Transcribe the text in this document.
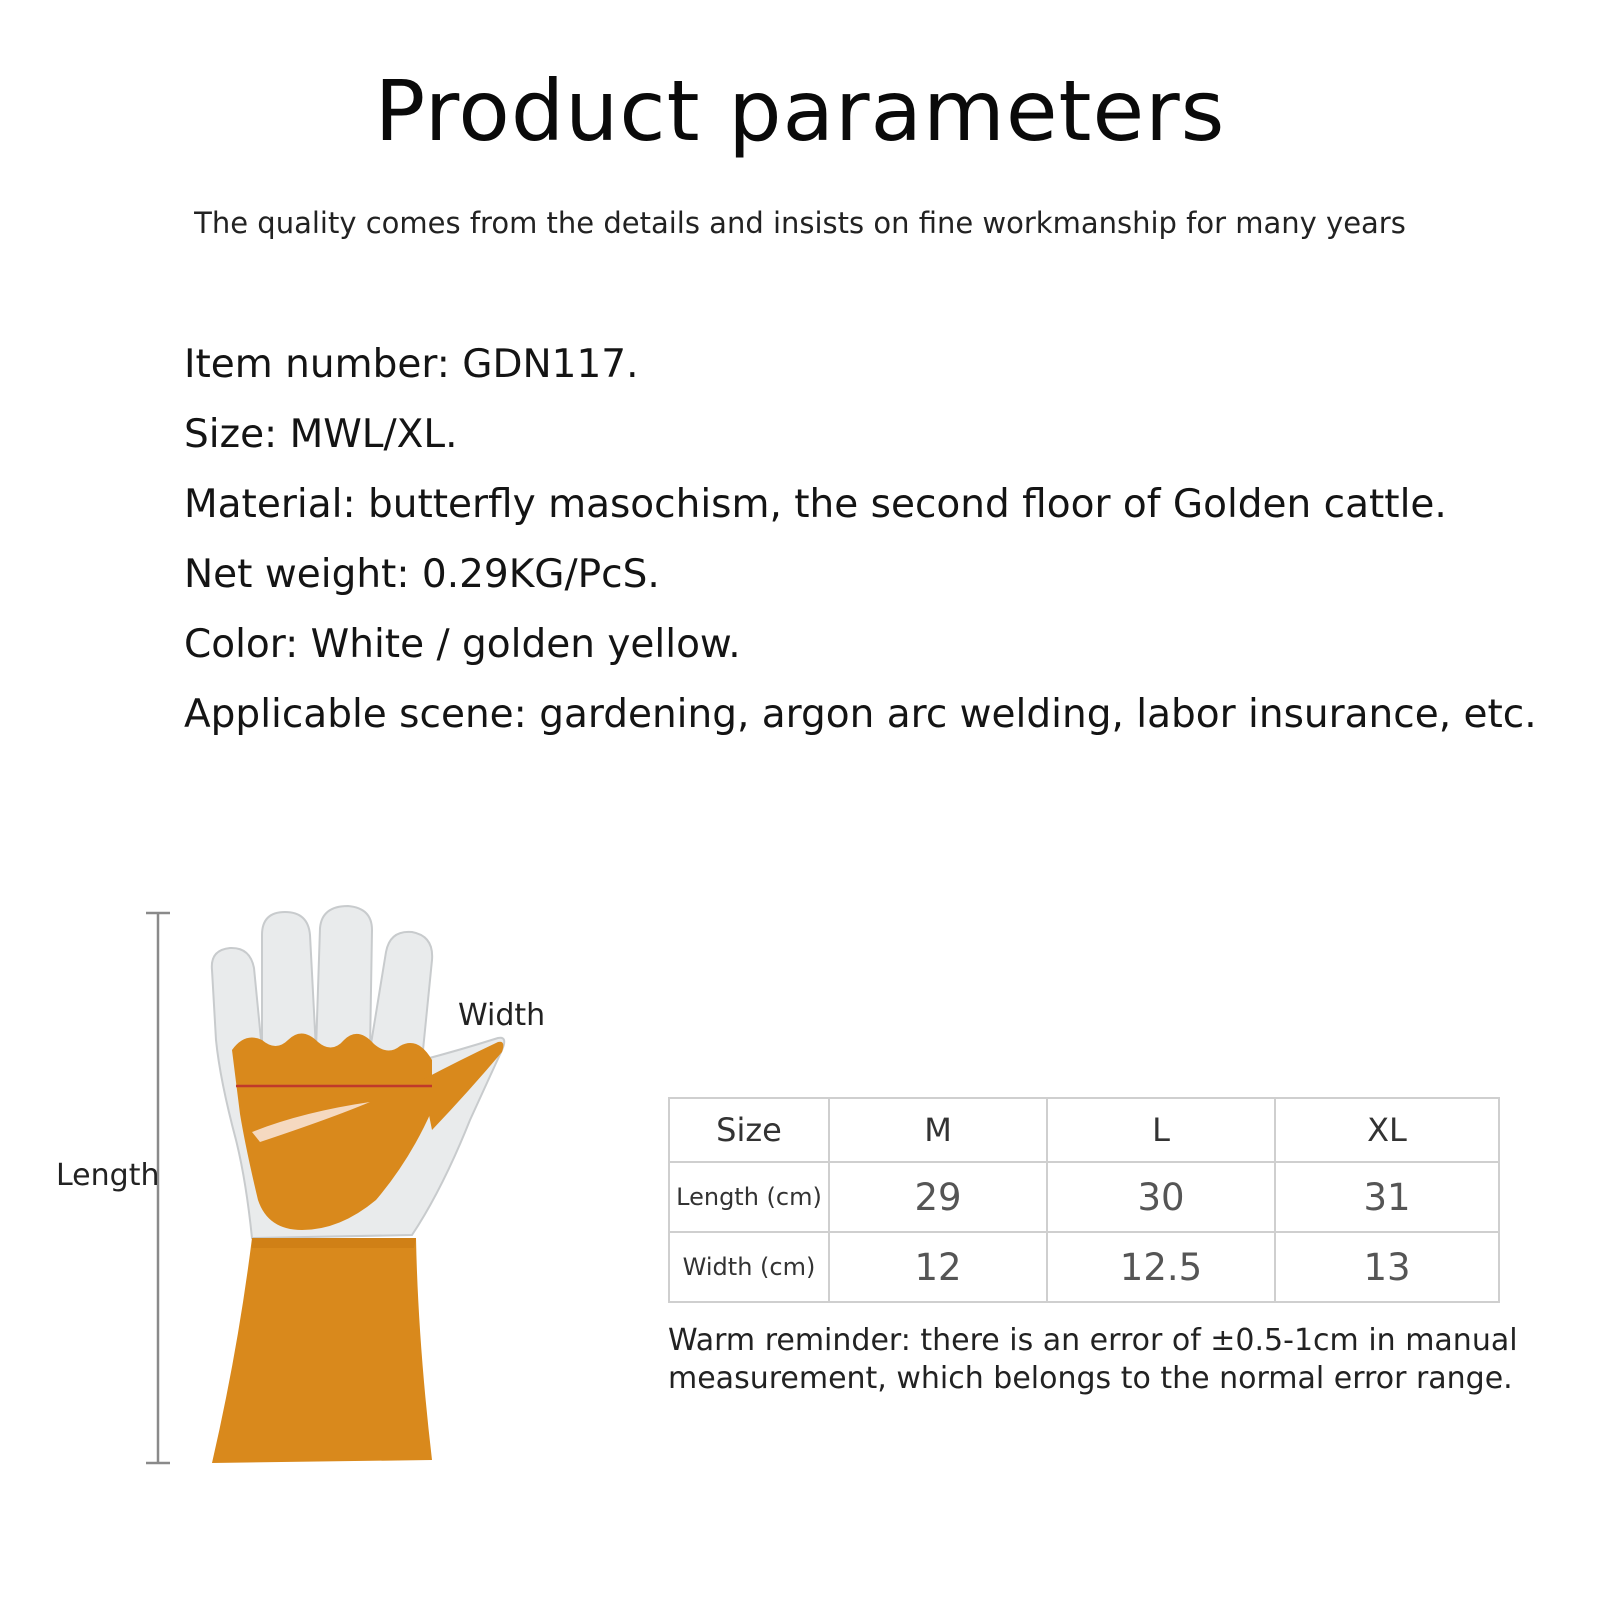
Product parameters
The quality comes from the details and insists on fine workmanship for many years
Item number: GDN117.
Size: MWL/XL.
Material: butterfly masochism, the second floor of Golden cattle.
Net weight: 0.29KG/PcS.
Color: White / golden yellow.
Applicable scene: gardening, argon arc welding, labor insurance, etc.
Length
Width
Size	M	L	XL
Length (cm)	29	30	31
Width (cm)	12	12.5	13
Warm reminder: there is an error of ±0.5-1cm in manual measurement, which belongs to the normal error range.
